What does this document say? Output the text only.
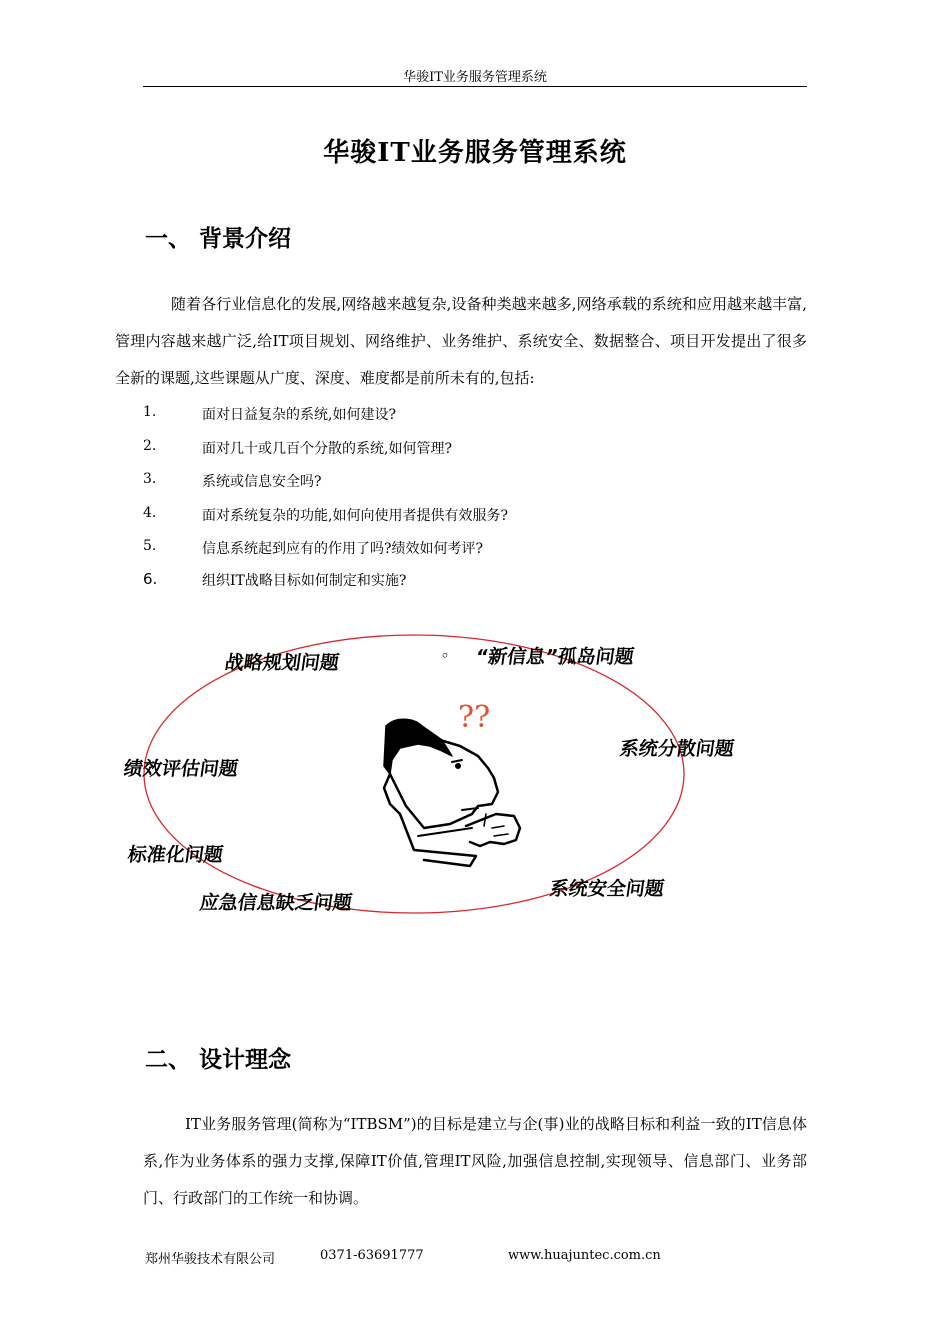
华骏IT业务服务管理系统
华骏IT业务服务管理系统
一、 背景介绍
随着各行业信息化的发展,网络越来越复杂,设备种类越来越多,网络承载的系统和应用越来越丰富,管理内容越来越广泛,给IT项目规划、网络维护、业务维护、系统安全、数据整合、项目开发提出了很多全新的课题,这些课题从广度、深度、难度都是前所未有的,包括:
1.	面对日益复杂的系统,如何建设?
2.	面对几十或几百个分散的系统,如何管理?
3.	系统或信息安全吗?
4.	面对系统复杂的功能,如何向使用者提供有效服务?
5.	信息系统起到应有的作用了吗?绩效如何考评?
6.	组织IT战略目标如何制定和实施?
??
。
战略规划问题	“新信息”孤岛问题
系统分散问题
绩效评估问题
标准化问题
应急信息缺乏问题
系统安全问题
二、 设计理念
IT业务服务管理(简称为“ITBSM”)的目标是建立与企(事)业的战略目标和利益一致的IT信息体系,作为业务体系的强力支撑,保障IT价值,管理IT风险,加强信息控制,实现领导、信息部门、业务部门、行政部门的工作统一和协调。
郑州华骏技术有限公司	0371-63691777	www.huajuntec.com.cn
